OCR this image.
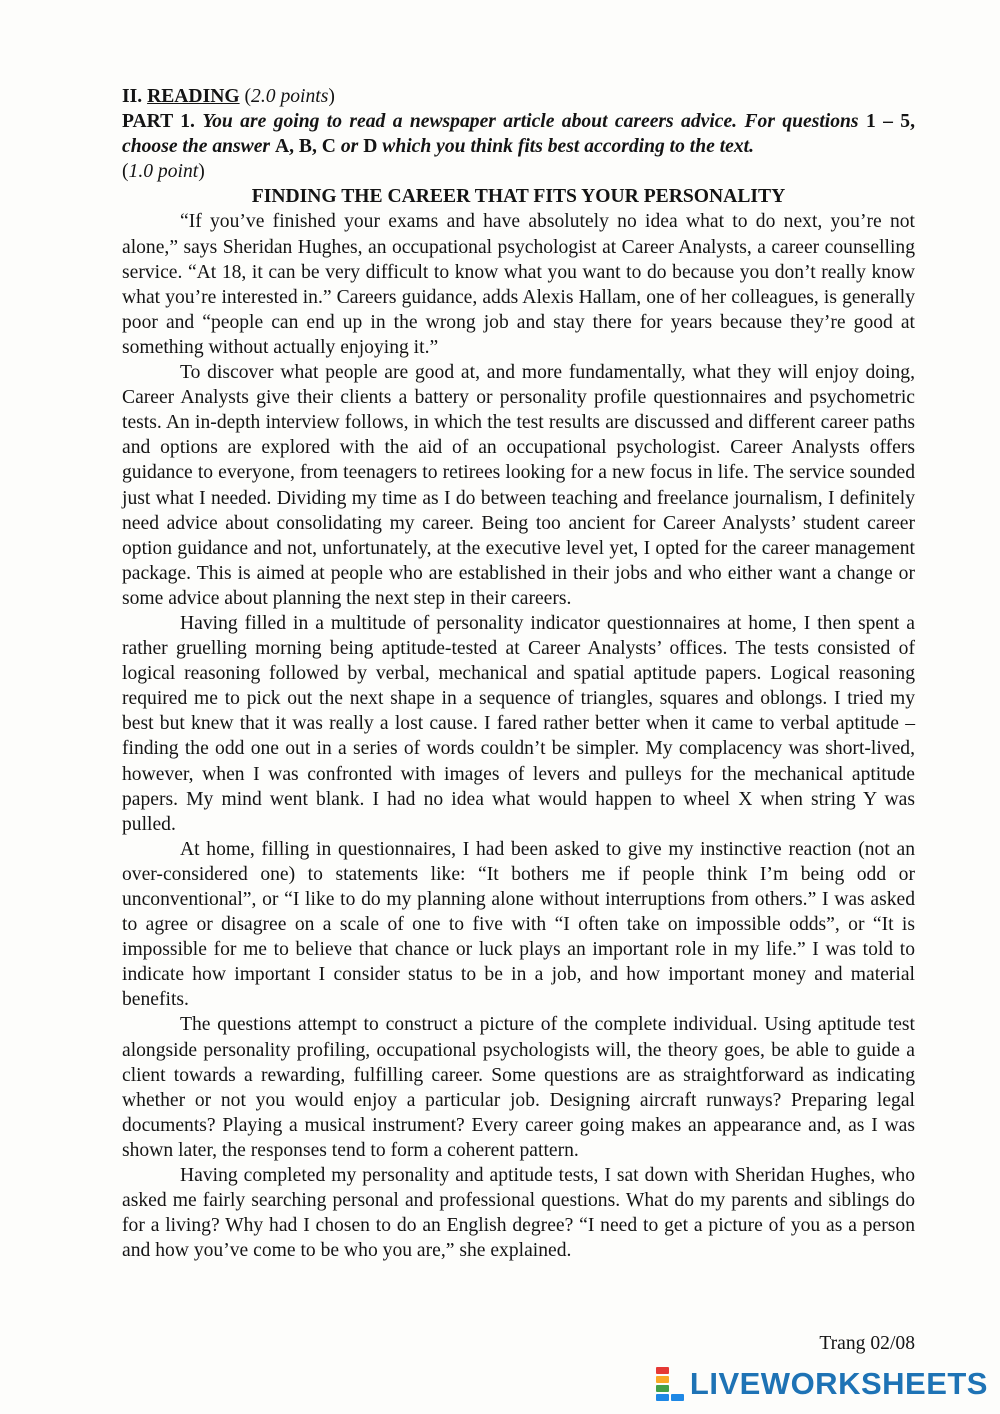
II. READING (2.0 points)
PART 1. You are going to read a newspaper article about careers advice. For questions 1 – 5, choose the answer A, B, C or D which you think fits best according to the text.
(1.0 point)
FINDING THE CAREER THAT FITS YOUR PERSONALITY

“If you’ve finished your exams and have absolutely no idea what to do next, you’re not alone,” says Sheridan Hughes, an occupational psychologist at Career Analysts, a career counselling service. “At 18, it can be very difficult to know what you want to do because you don’t really know what you’re interested in.” Careers guidance, adds Alexis Hallam, one of her colleagues, is generally poor and “people can end up in the wrong job and stay there for years because they’re good at something without actually enjoying it.”

To discover what people are good at, and more fundamentally, what they will enjoy doing, Career Analysts give their clients a battery or personality profile questionnaires and psychometric tests. An in-depth interview follows, in which the test results are discussed and different career paths and options are explored with the aid of an occupational psychologist. Career Analysts offers guidance to everyone, from teenagers to retirees looking for a new focus in life. The service sounded just what I needed. Dividing my time as I do between teaching and freelance journalism, I definitely need advice about consolidating my career. Being too ancient for Career Analysts’ student career option guidance and not, unfortunately, at the executive level yet, I opted for the career management package. This is aimed at people who are established in their jobs and who either want a change or some advice about planning the next step in their careers.

Having filled in a multitude of personality indicator questionnaires at home, I then spent a rather gruelling morning being aptitude-tested at Career Analysts’ offices. The tests consisted of logical reasoning followed by verbal, mechanical and spatial aptitude papers. Logical reasoning required me to pick out the next shape in a sequence of triangles, squares and oblongs. I tried my best but knew that it was really a lost cause. I fared rather better when it came to verbal aptitude – finding the odd one out in a series of words couldn’t be simpler. My complacency was short-lived, however, when I was confronted with images of levers and pulleys for the mechanical aptitude papers. My mind went blank. I had no idea what would happen to wheel X when string Y was pulled.

At home, filling in questionnaires, I had been asked to give my instinctive reaction (not an over-considered one) to statements like: “It bothers me if people think I’m being odd or unconventional”, or “I like to do my planning alone without interruptions from others.” I was asked to agree or disagree on a scale of one to five with “I often take on impossible odds”, or “It is impossible for me to believe that chance or luck plays an important role in my life.” I was told to indicate how important I consider status to be in a job, and how important money and material benefits.

The questions attempt to construct a picture of the complete individual. Using aptitude test alongside personality profiling, occupational psychologists will, the theory goes, be able to guide a client towards a rewarding, fulfilling career. Some questions are as straightforward as indicating whether or not you would enjoy a particular job. Designing aircraft runways? Preparing legal documents? Playing a musical instrument? Every career going makes an appearance and, as I was shown later, the responses tend to form a coherent pattern.

Having completed my personality and aptitude tests, I sat down with Sheridan Hughes, who asked me fairly searching personal and professional questions. What do my parents and siblings do for a living? Why had I chosen to do an English degree? “I need to get a picture of you as a person and how you’ve come to be who you are,” she explained.

Trang 02/08
LIVEWORKSHEETS
